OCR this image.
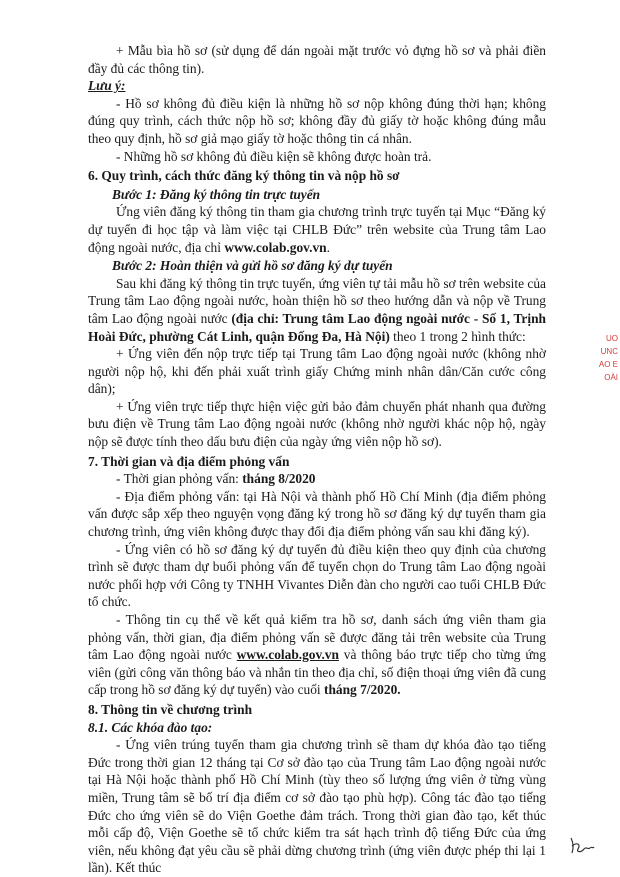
+ Mẫu bìa hồ sơ (sử dụng để dán ngoài mặt trước vỏ đựng hồ sơ và phải điền đầy đủ các thông tin).

Lưu ý:

- Hồ sơ không đủ điều kiện là những hồ sơ nộp không đúng thời hạn; không đúng quy trình, cách thức nộp hồ sơ; không đầy đủ giấy tờ hoặc không đúng mẫu theo quy định, hồ sơ giả mạo giấy tờ hoặc thông tin cá nhân.

- Những hồ sơ không đủ điều kiện sẽ không được hoàn trả.

6. Quy trình, cách thức đăng ký thông tin và nộp hồ sơ

Bước 1: Đăng ký thông tin trực tuyến

Ứng viên đăng ký thông tin tham gia chương trình trực tuyến tại Mục “Đăng ký dự tuyển đi học tập và làm việc tại CHLB Đức” trên website của Trung tâm Lao động ngoài nước, địa chỉ www.colab.gov.vn.

Bước 2: Hoàn thiện và gửi hồ sơ đăng ký dự tuyển

Sau khi đăng ký thông tin trực tuyến, ứng viên tự tải mẫu hồ sơ trên website của Trung tâm Lao động ngoài nước, hoàn thiện hồ sơ theo hướng dẫn và nộp về Trung tâm Lao động ngoài nước (địa chỉ: Trung tâm Lao động ngoài nước - Số 1, Trịnh Hoài Đức, phường Cát Linh, quận Đống Đa, Hà Nội) theo 1 trong 2 hình thức:

+ Ứng viên đến nộp trực tiếp tại Trung tâm Lao động ngoài nước (không nhờ người nộp hộ, khi đến phải xuất trình giấy Chứng minh nhân dân/Căn cước công dân);

+ Ứng viên trực tiếp thực hiện việc gửi bảo đảm chuyển phát nhanh qua đường bưu điện về Trung tâm Lao động ngoài nước (không nhờ người khác nộp hộ, ngày nộp sẽ được tính theo dấu bưu điện của ngày ứng viên nộp hồ sơ).

7. Thời gian và địa điểm phỏng vấn

- Thời gian phỏng vấn: tháng 8/2020

- Địa điểm phỏng vấn: tại Hà Nội và thành phố Hồ Chí Minh (địa điểm phỏng vấn được sắp xếp theo nguyện vọng đăng ký trong hồ sơ đăng ký dự tuyển tham gia chương trình, ứng viên không được thay đổi địa điểm phỏng vấn sau khi đăng ký).

- Ứng viên có hồ sơ đăng ký dự tuyển đủ điều kiện theo quy định của chương trình sẽ được tham dự buổi phỏng vấn để tuyển chọn do Trung tâm Lao động ngoài nước phối hợp với Công ty TNHH Vivantes Diễn đàn cho người cao tuổi CHLB Đức tổ chức.

- Thông tin cụ thể về kết quả kiểm tra hồ sơ, danh sách ứng viên tham gia phỏng vấn, thời gian, địa điểm phỏng vấn sẽ được đăng tải trên website của Trung tâm Lao động ngoài nước www.colab.gov.vn và thông báo trực tiếp cho từng ứng viên (gửi công văn thông báo và nhắn tin theo địa chỉ, số điện thoại ứng viên đã cung cấp trong hồ sơ đăng ký dự tuyển) vào cuối tháng 7/2020.

8. Thông tin về chương trình

8.1. Các khóa đào tạo:

- Ứng viên trúng tuyển tham gia chương trình sẽ tham dự khóa đào tạo tiếng Đức trong thời gian 12 tháng tại Cơ sở đào tạo của Trung tâm Lao động ngoài nước tại Hà Nội hoặc thành phố Hồ Chí Minh (tùy theo số lượng ứng viên ở từng vùng miền, Trung tâm sẽ bố trí địa điểm cơ sở đào tạo phù hợp). Công tác đào tạo tiếng Đức cho ứng viên sẽ do Viện Goethe đảm trách. Trong thời gian đào tạo, kết thúc mỗi cấp độ, Viện Goethe sẽ tổ chức kiểm tra sát hạch trình độ tiếng Đức của ứng viên, nếu không đạt yêu cầu sẽ phải dừng chương trình (ứng viên được phép thi lại 1 lần). Kết thúc

UO
UNC
AO E
OÀI
